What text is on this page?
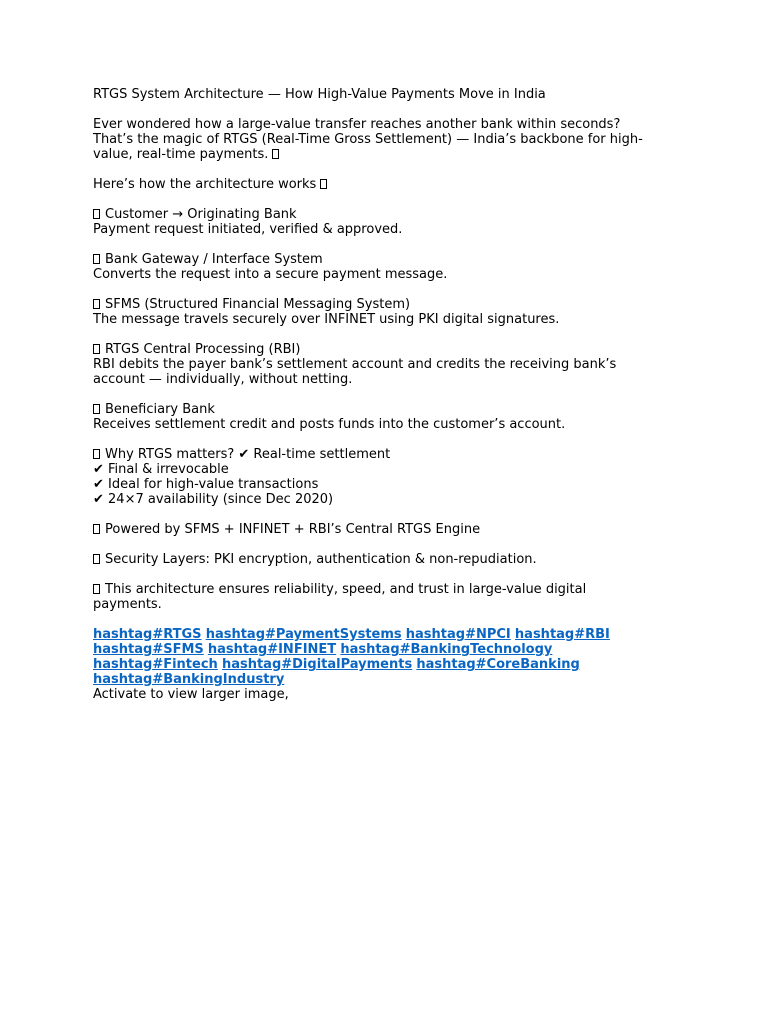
RTGS System Architecture — How High-Value Payments Move in India
Ever wondered how a large-value transfer reaches another bank within seconds?
That’s the magic of RTGS (Real-Time Gross Settlement) — India’s backbone for high-
value, real-time payments.
Here’s how the architecture works
Customer → Originating Bank
Payment request initiated, verified & approved.
Bank Gateway / Interface System
Converts the request into a secure payment message.
SFMS (Structured Financial Messaging System)
The message travels securely over INFINET using PKI digital signatures.
RTGS Central Processing (RBI)
RBI debits the payer bank’s settlement account and credits the receiving bank’s
account — individually, without netting.
Beneficiary Bank
Receives settlement credit and posts funds into the customer’s account.
Why RTGS matters? ✔ Real-time settlement
✔ Final & irrevocable
✔ Ideal for high-value transactions
✔ 24×7 availability (since Dec 2020)
Powered by SFMS + INFINET + RBI’s Central RTGS Engine
Security Layers: PKI encryption, authentication & non-repudiation.
This architecture ensures reliability, speed, and trust in large-value digital
payments.
hashtag#RTGS hashtag#PaymentSystems hashtag#NPCI hashtag#RBI
hashtag#SFMS hashtag#INFINET hashtag#BankingTechnology
hashtag#Fintech hashtag#DigitalPayments hashtag#CoreBanking
hashtag#BankingIndustry
Activate to view larger image,
